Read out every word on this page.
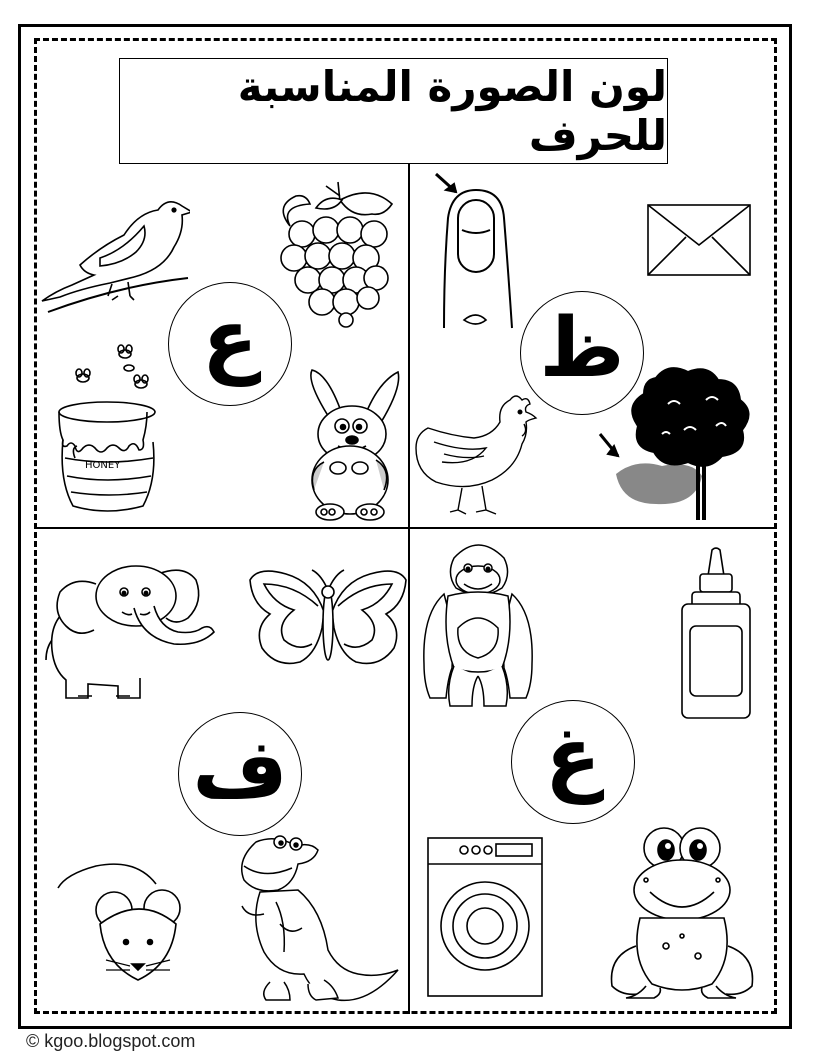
لون الصورة المناسبة للحرف
ع	ظ
ف	غ
HONEY
© kgoo.blogspot.com
